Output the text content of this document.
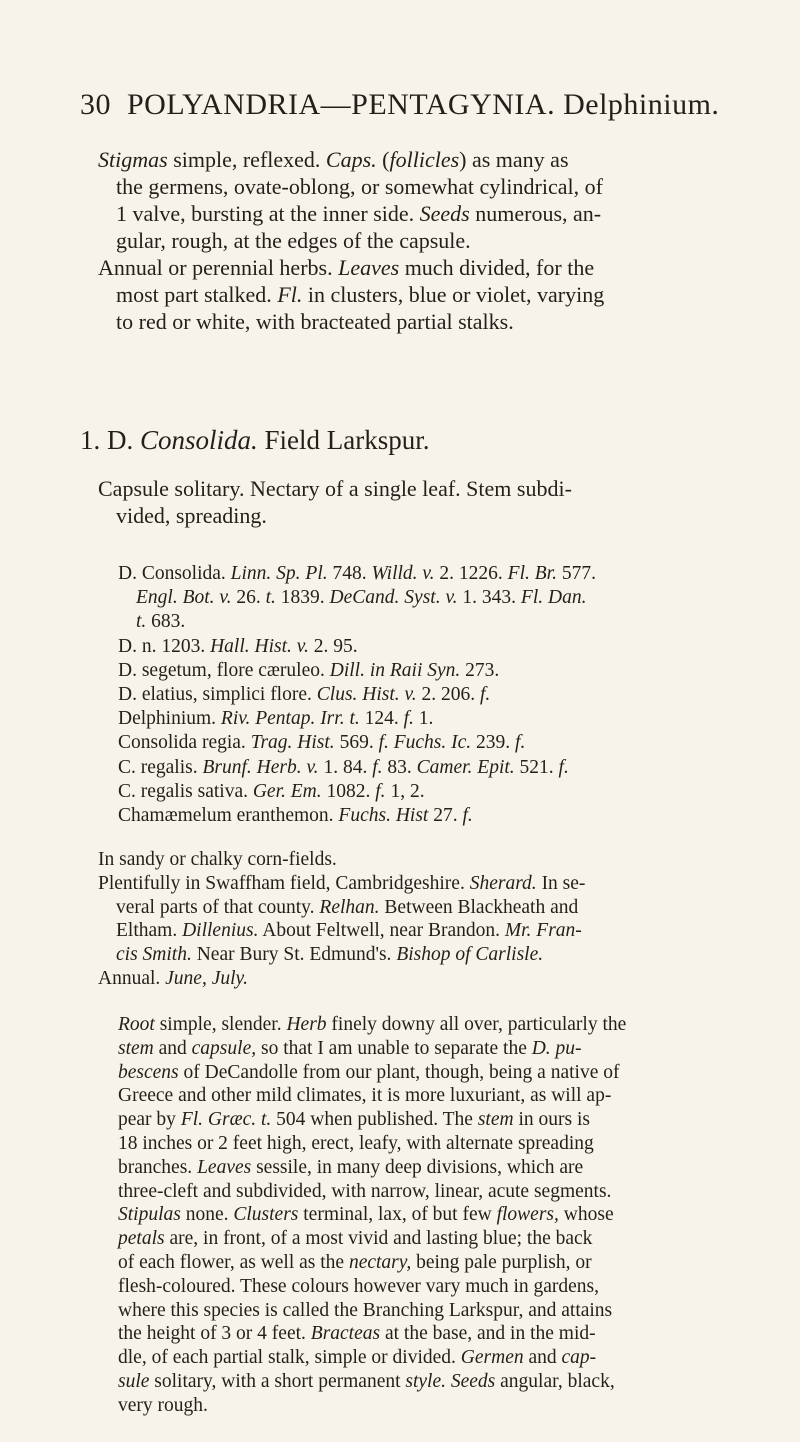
30 POLYANDRIA—PENTAGYNIA. Delphinium.
Stigmas simple, reflexed. Caps. (follicles) as many as
the germens, ovate-oblong, or somewhat cylindrical, of
1 valve, bursting at the inner side. Seeds numerous, an-
gular, rough, at the edges of the capsule.
Annual or perennial herbs. Leaves much divided, for the
most part stalked. Fl. in clusters, blue or violet, varying
to red or white, with bracteated partial stalks.
1. D. Consolida. Field Larkspur.
Capsule solitary. Nectary of a single leaf. Stem subdi-
vided, spreading.
D. Consolida. Linn. Sp. Pl. 748. Willd. v. 2. 1226. Fl. Br. 577.
Engl. Bot. v. 26. t. 1839. DeCand. Syst. v. 1. 343. Fl. Dan.
t. 683.
D. n. 1203. Hall. Hist. v. 2. 95.
D. segetum, flore cæruleo. Dill. in Raii Syn. 273.
D. elatius, simplici flore. Clus. Hist. v. 2. 206. f.
Delphinium. Riv. Pentap. Irr. t. 124. f. 1.
Consolida regia. Trag. Hist. 569. f. Fuchs. Ic. 239. f.
C. regalis. Brunf. Herb. v. 1. 84. f. 83. Camer. Epit. 521. f.
C. regalis sativa. Ger. Em. 1082. f. 1, 2.
Chamæmelum eranthemon. Fuchs. Hist 27. f.
In sandy or chalky corn-fields.
Plentifully in Swaffham field, Cambridgeshire. Sherard. In se-
veral parts of that county. Relhan. Between Blackheath and
Eltham. Dillenius. About Feltwell, near Brandon. Mr. Fran-
cis Smith. Near Bury St. Edmund's. Bishop of Carlisle.
Annual. June, July.
Root simple, slender. Herb finely downy all over, particularly the
stem and capsule, so that I am unable to separate the D. pu-
bescens of DeCandolle from our plant, though, being a native of
Greece and other mild climates, it is more luxuriant, as will ap-
pear by Fl. Græc. t. 504 when published. The stem in ours is
18 inches or 2 feet high, erect, leafy, with alternate spreading
branches. Leaves sessile, in many deep divisions, which are
three-cleft and subdivided, with narrow, linear, acute segments.
Stipulas none. Clusters terminal, lax, of but few flowers, whose
petals are, in front, of a most vivid and lasting blue; the back
of each flower, as well as the nectary, being pale purplish, or
flesh-coloured. These colours however vary much in gardens,
where this species is called the Branching Larkspur, and attains
the height of 3 or 4 feet. Bracteas at the base, and in the mid-
dle, of each partial stalk, simple or divided. Germen and cap-
sule solitary, with a short permanent style. Seeds angular, black,
very rough.
